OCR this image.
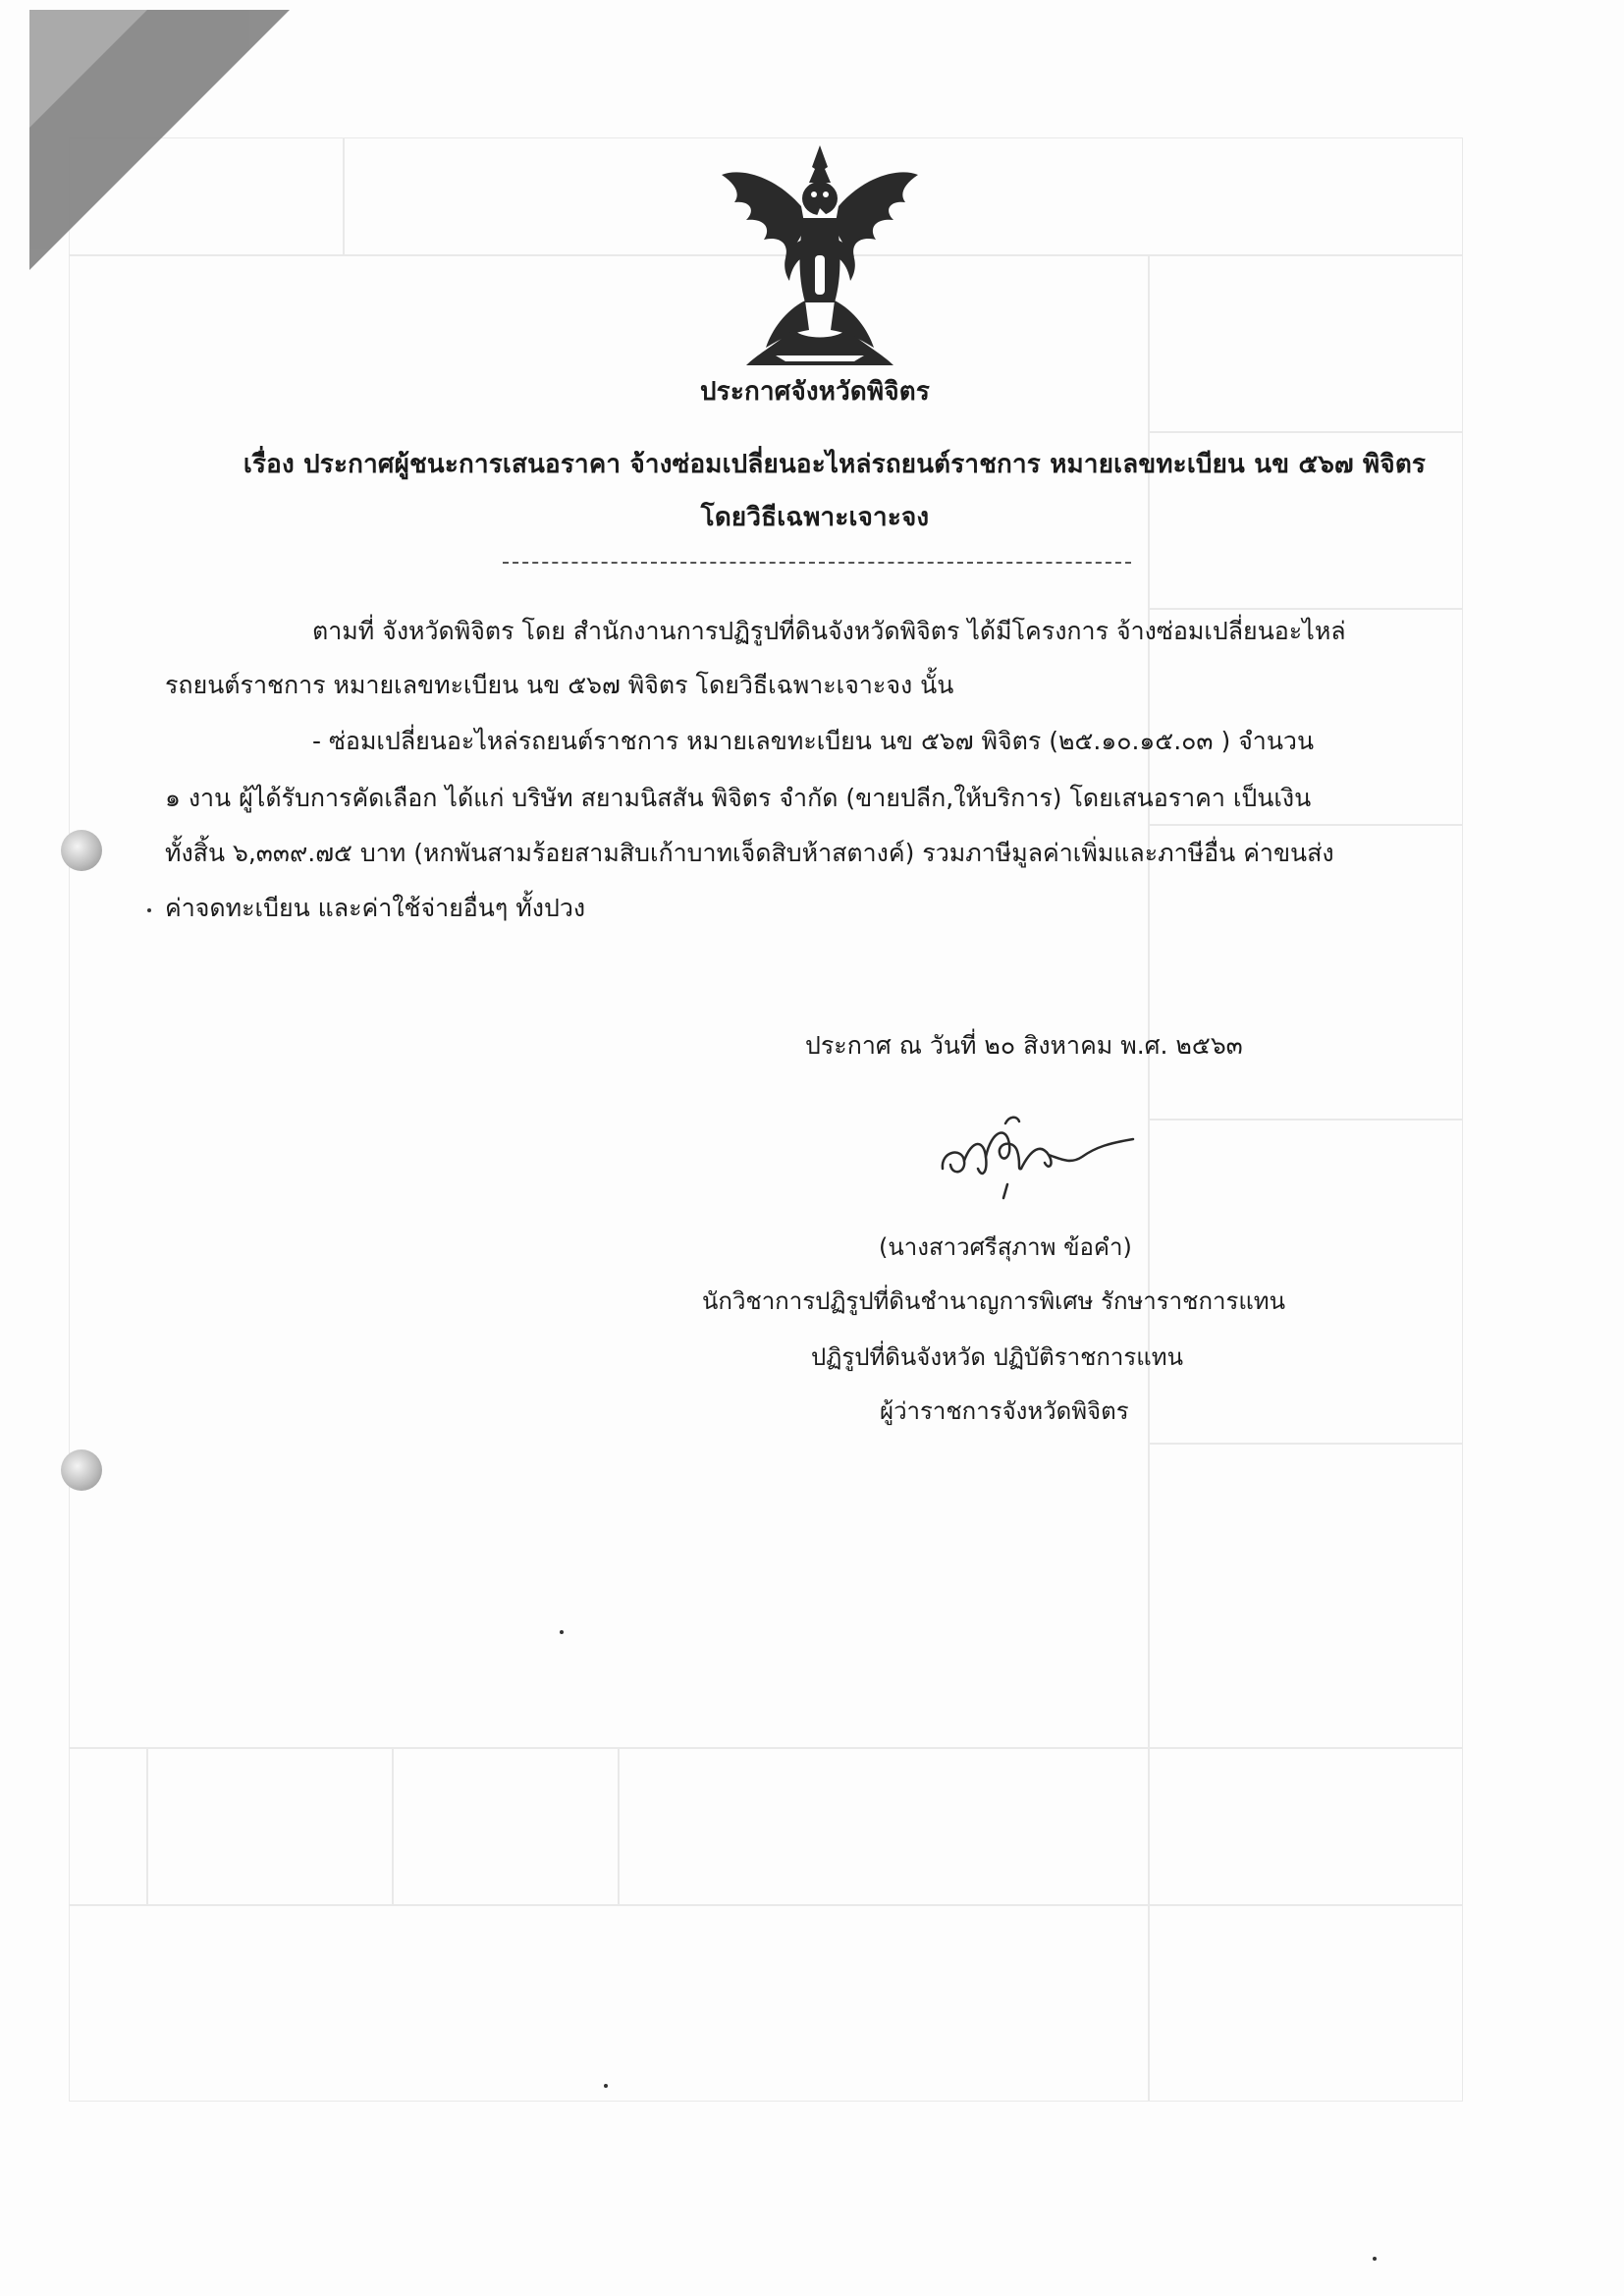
ประกาศจังหวัดพิจิตร
เรื่อง ประกาศผู้ชนะการเสนอราคา จ้างซ่อมเปลี่ยนอะไหล่รถยนต์ราชการ หมายเลขทะเบียน นข ๕๖๗ พิจิตร
โดยวิธีเฉพาะเจาะจง
ตามที่ จังหวัดพิจิตร โดย สำนักงานการปฏิรูปที่ดินจังหวัดพิจิตร ได้มีโครงการ จ้างซ่อมเปลี่ยนอะไหล่
รถยนต์ราชการ หมายเลขทะเบียน นข ๕๖๗ พิจิตร โดยวิธีเฉพาะเจาะจง นั้น
- ซ่อมเปลี่ยนอะไหล่รถยนต์ราชการ หมายเลขทะเบียน นข ๕๖๗ พิจิตร (๒๕.๑๐.๑๕.๐๓ ) จำนวน
๑ งาน ผู้ได้รับการคัดเลือก ได้แก่ บริษัท สยามนิสสัน พิจิตร จำกัด (ขายปลีก,ให้บริการ) โดยเสนอราคา เป็นเงิน
ทั้งสิ้น ๖,๓๓๙.๗๕ บาท (หกพันสามร้อยสามสิบเก้าบาทเจ็ดสิบห้าสตางค์) รวมภาษีมูลค่าเพิ่มและภาษีอื่น ค่าขนส่ง
ค่าจดทะเบียน และค่าใช้จ่ายอื่นๆ ทั้งปวง
ประกาศ ณ วันที่ ๒๐ สิงหาคม พ.ศ. ๒๕๖๓
(นางสาวศรีสุภาพ ข้อคำ)
นักวิชาการปฏิรูปที่ดินชำนาญการพิเศษ รักษาราชการแทน
ปฏิรูปที่ดินจังหวัด ปฏิบัติราชการแทน
ผู้ว่าราชการจังหวัดพิจิตร
